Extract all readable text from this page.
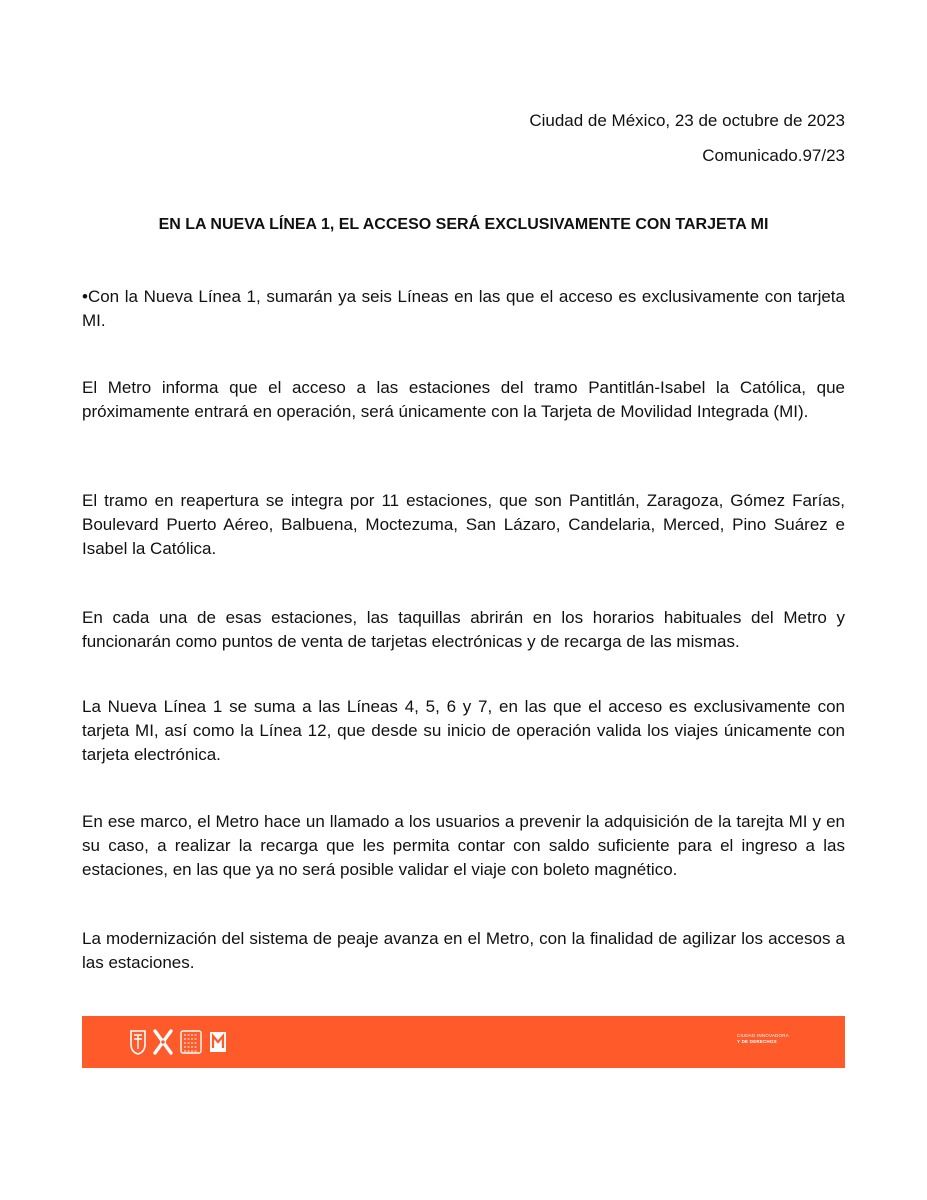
Ciudad de México, 23 de octubre de 2023
Comunicado.97/23
EN LA NUEVA LÍNEA 1, EL ACCESO SERÁ EXCLUSIVAMENTE CON TARJETA MI

•Con la Nueva Línea 1, sumarán ya seis Líneas en las que el acceso es exclusivamente con tarjeta MI.

El Metro informa que el acceso a las estaciones del tramo Pantitlán-Isabel la Católica, que próximamente entrará en operación, será únicamente con la Tarjeta de Movilidad Integrada (MI).

El tramo en reapertura se integra por 11 estaciones, que son Pantitlán, Zaragoza, Gómez Farías, Boulevard Puerto Aéreo, Balbuena, Moctezuma, San Lázaro, Candelaria, Merced, Pino Suárez e Isabel la Católica.

En cada una de esas estaciones, las taquillas abrirán en los horarios habituales del Metro y funcionarán como puntos de venta de tarjetas electrónicas y de recarga de las mismas.

La Nueva Línea 1 se suma a las Líneas 4, 5, 6 y 7, en las que el acceso es exclusivamente con tarjeta MI, así como la Línea 12, que desde su inicio de operación valida los viajes únicamente con tarjeta electrónica.

En ese marco, el Metro hace un llamado a los usuarios a prevenir la adquisición de la tarejta MI y en su caso, a realizar la recarga que les permita contar con saldo suficiente para el ingreso a las estaciones, en las que ya no será posible validar el viaje con boleto magnético.

La modernización del sistema de peaje avanza en el Metro, con la finalidad de agilizar los accesos a las estaciones.

CIUDAD INNOVADORA
Y DE DERECHOS
